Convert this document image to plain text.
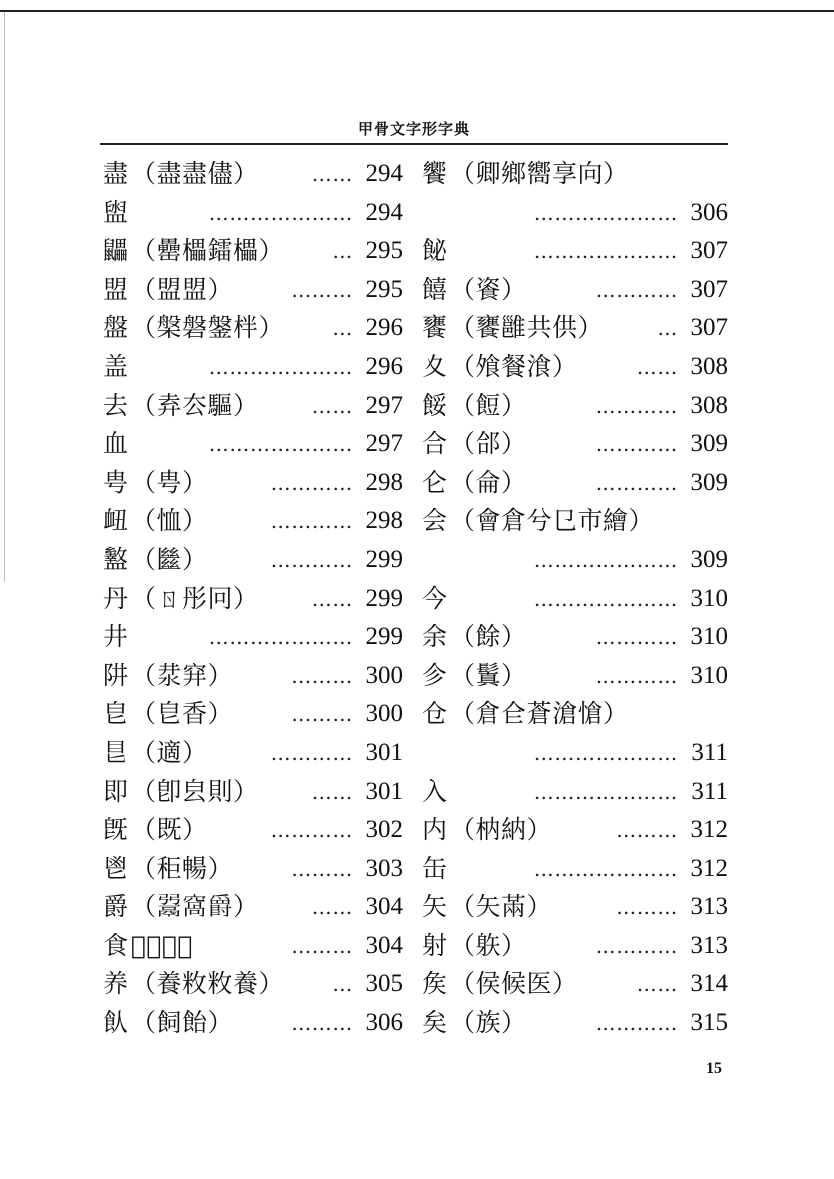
甲骨文字形字典
盡 （盡盡儘）	…… 294
盥	………………… 294
鼺 （罍櫑鐳櫑） … 295
盟 （盟盟）	……… 295
盤 （槃磐鎜柈） … 296
盖	………………… 296
去 （弆厺驅）	…… 297
血	………………… 297
甹 （甹）	………… 298
衄 （恤）	………… 298
盭 （㡭）	………… 299
丹 （ㄖ彤冋）	…… 299
井	………………… 299
阱 （汬穽）	……… 300
皀 （皀香）	……… 300
𥃩 （適）	………… 301
即 （卽㿝則）	…… 301
旣 （既）	………… 302
鬯 （秬暢）	……… 303
爵 （𩰲窩爵）	…… 304
食 （𠊊仓）	……… 304
养 （養敉敉養） … 305
飤 （飼飴）	……… 306
饗 （卿鄉嚮享向）
………………… 306
飶	………………… 307
饎 （餈）	………… 307
饔 （饔雝共供）	… 307
夊 （飧餐湌）	…… 308
餒 （餖）	………… 308
合 （郃）	………… 309
仑 （侖）	………… 309
会 （會倉兮㔾市繪）
………………… 309
今	………………… 310
余 （餘）	………… 310
㐱 （鬒）	………… 310
仓 （倉仺蒼滄愴）
………………… 311
入	………………… 311
内 （枘納）	……… 312
缶	………………… 312
矢 （矢㒼）	……… 313
射 （䠶）	………… 313
矦 （侯候医）	…… 314
矣 （族）	………… 315
15
